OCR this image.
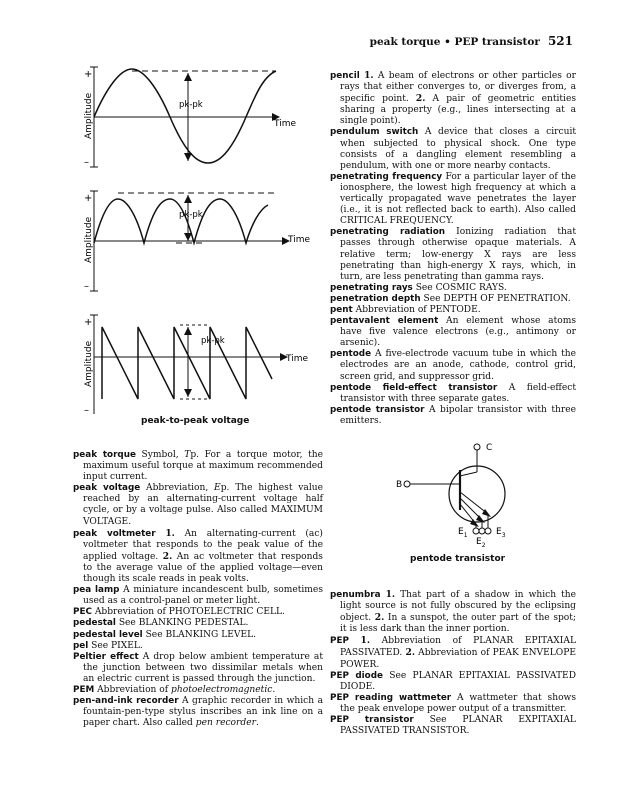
peak torque • PEP transistor 521
+
–
Amplitude	Time
pk-pk
+
–
Amplitude	Time
pk-pk
+
–
Amplitude	Time
pk-pk
peak-to-peak voltage
C
B
$E_1$
$E_2$
$E_3$
pentode transistor

pencil 1. A beam of electrons or other particles or rays that either converges to, or diverges from, a specific point. 2. A pair of geometric entities sharing a property (e.g., lines intersecting at a single point).

pendulum switch A device that closes a circuit when subjected to physical shock. One type consists of a dangling element resembling a pendulum, with one or more nearby contacts.

penetrating frequency For a particular layer of the ionosphere, the lowest high frequency at which a vertically propagated wave penetrates the layer (i.e., it is not reflected back to earth). Also called CRITICAL FREQUENCY.

penetrating radiation Ionizing radiation that passes through otherwise opaque materials. A relative term; low-energy X rays are less penetrating than high-energy X rays, which, in turn, are less penetrating than gamma rays.

penetrating rays See COSMIC RAYS.

penetration depth See DEPTH OF PENETRATION.

pent Abbreviation of PENTODE.

pentavalent element An element whose atoms have five valence electrons (e.g., antimony or arsenic).

pentode A five-electrode vacuum tube in which the electrodes are an anode, cathode, control grid, screen grid, and suppressor grid.

pentode field-effect transistor A field-effect transistor with three separate gates.

pentode transistor A bipolar transistor with three emitters.

peak torque Symbol, Tp. For a torque motor, the maximum useful torque at maximum recommended input current.

peak voltage Abbreviation, Ep. The highest value reached by an alternating-current voltage half cycle, or by a voltage pulse. Also called MAXIMUM VOLTAGE.

peak voltmeter 1. An alternating-current (ac) voltmeter that responds to the peak value of the applied voltage. 2. An ac voltmeter that responds to the average value of the applied voltage—even though its scale reads in peak volts.

pea lamp A miniature incandescent bulb, sometimes used as a control-panel or meter light.

PEC Abbreviation of PHOTOELECTRIC CELL.

pedestal See BLANKING PEDESTAL.

pedestal level See BLANKING LEVEL.

pel See PIXEL.

Peltier effect A drop below ambient temperature at the junction between two dissimilar metals when an electric current is passed through the junction.

PEM Abbreviation of photoelectromagnetic.

pen-and-ink recorder A graphic recorder in which a fountain-pen-type stylus inscribes an ink line on a paper chart. Also called pen recorder.

penumbra 1. That part of a shadow in which the light source is not fully obscured by the eclipsing object. 2. In a sunspot, the outer part of the spot; it is less dark than the inner portion.

PEP 1. Abbreviation of PLANAR EPITAXIAL PASSIVATED. 2. Abbreviation of PEAK ENVELOPE POWER.

PEP diode See PLANAR EPITAXIAL PASSIVATED DIODE.

PEP reading wattmeter A wattmeter that shows the peak envelope power output of a transmitter.

PEP transistor See PLANAR EXPITAXIAL PASSIVATED TRANSISTOR.
